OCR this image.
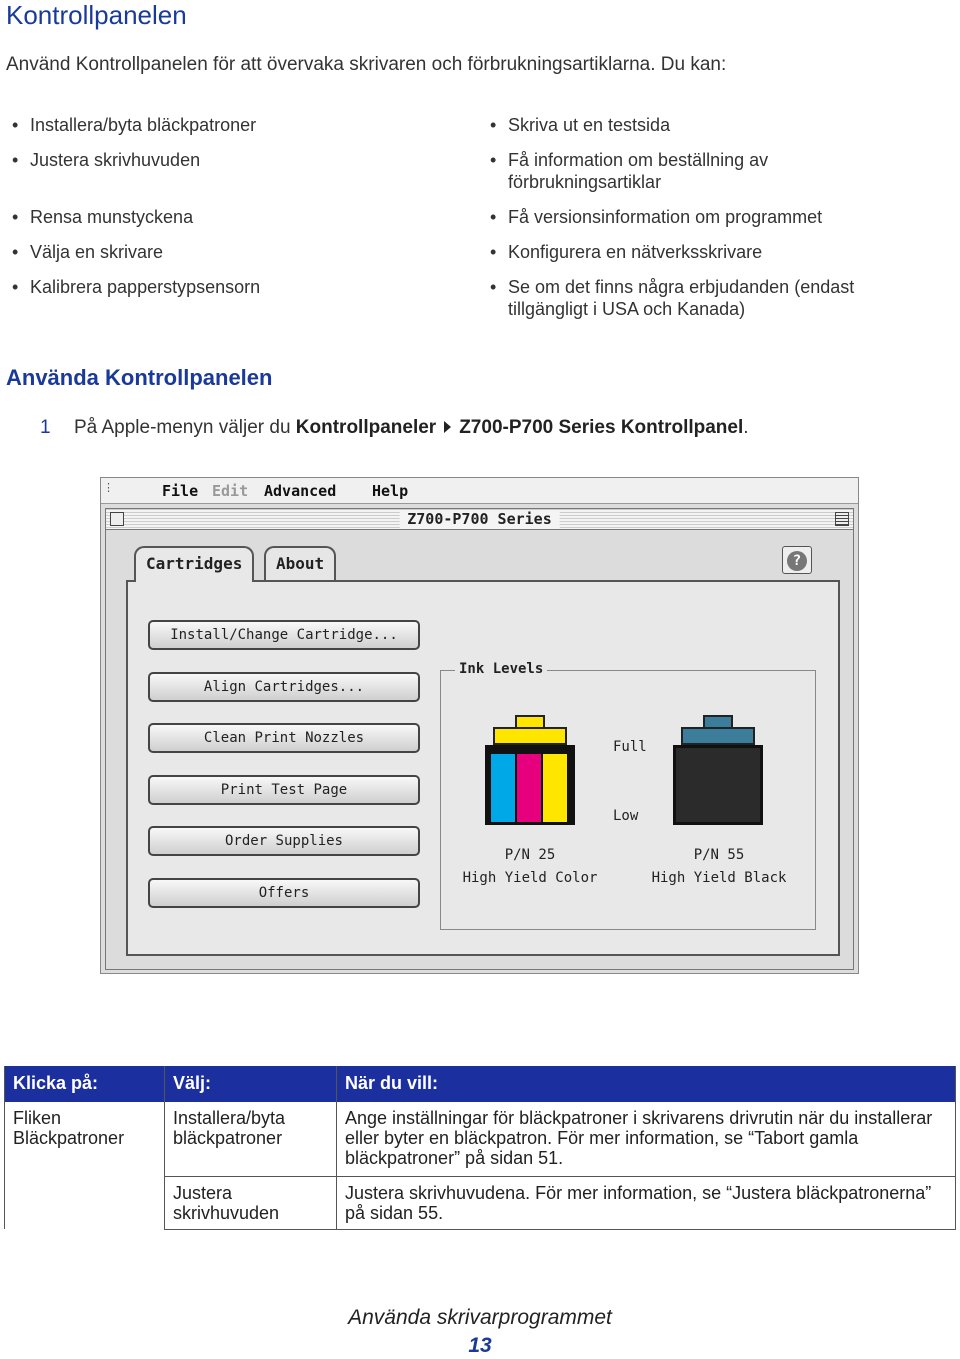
Kontrollpanelen

Använd Kontrollpanelen för att övervaka skrivaren och förbrukningsartiklarna. Du kan:

• Installera/byta bläckpatroner
• Justera skrivhuvuden
• Rensa munstyckena
• Välja en skrivare
• Kalibrera papperstypsensorn
• Skriva ut en testsida
• Få information om beställning av förbrukningsartiklar
• Få versionsinformation om programmet
• Konfigurera en nätverksskrivare
• Se om det finns några erbjudanden (endast tillgängligt i USA och Kanada)
Använda Kontrollpanelen

1 På Apple-menyn väljer du Kontrollpaneler Z700-P700 Series Kontrollpanel.

⋮	File Edit Advanced Help
Z700-P700 Series
Cartridges	About	?
Install/Change Cartridge...
Align Cartridges...
Clean Print Nozzles
Print Test Page
Order Supplies
Offers
Ink Levels
Full
Low
P/N 25
High Yield Color
P/N 55
High Yield Black
Klicka på:	Välj:	När du vill:
Fliken Bläckpatroner	Installera/byta bläckpatroner	Ange inställningar för bläckpatroner i skrivarens drivrutin när du installerar eller byter en bläckpatron. För mer information, se “Tabort gamla bläckpatroner” på sidan 51.
	Justera skrivhuvuden	Justera skrivhuvudena. För mer information, se “Justera bläckpatronerna” på sidan 55.
Använda skrivarprogrammet
13
